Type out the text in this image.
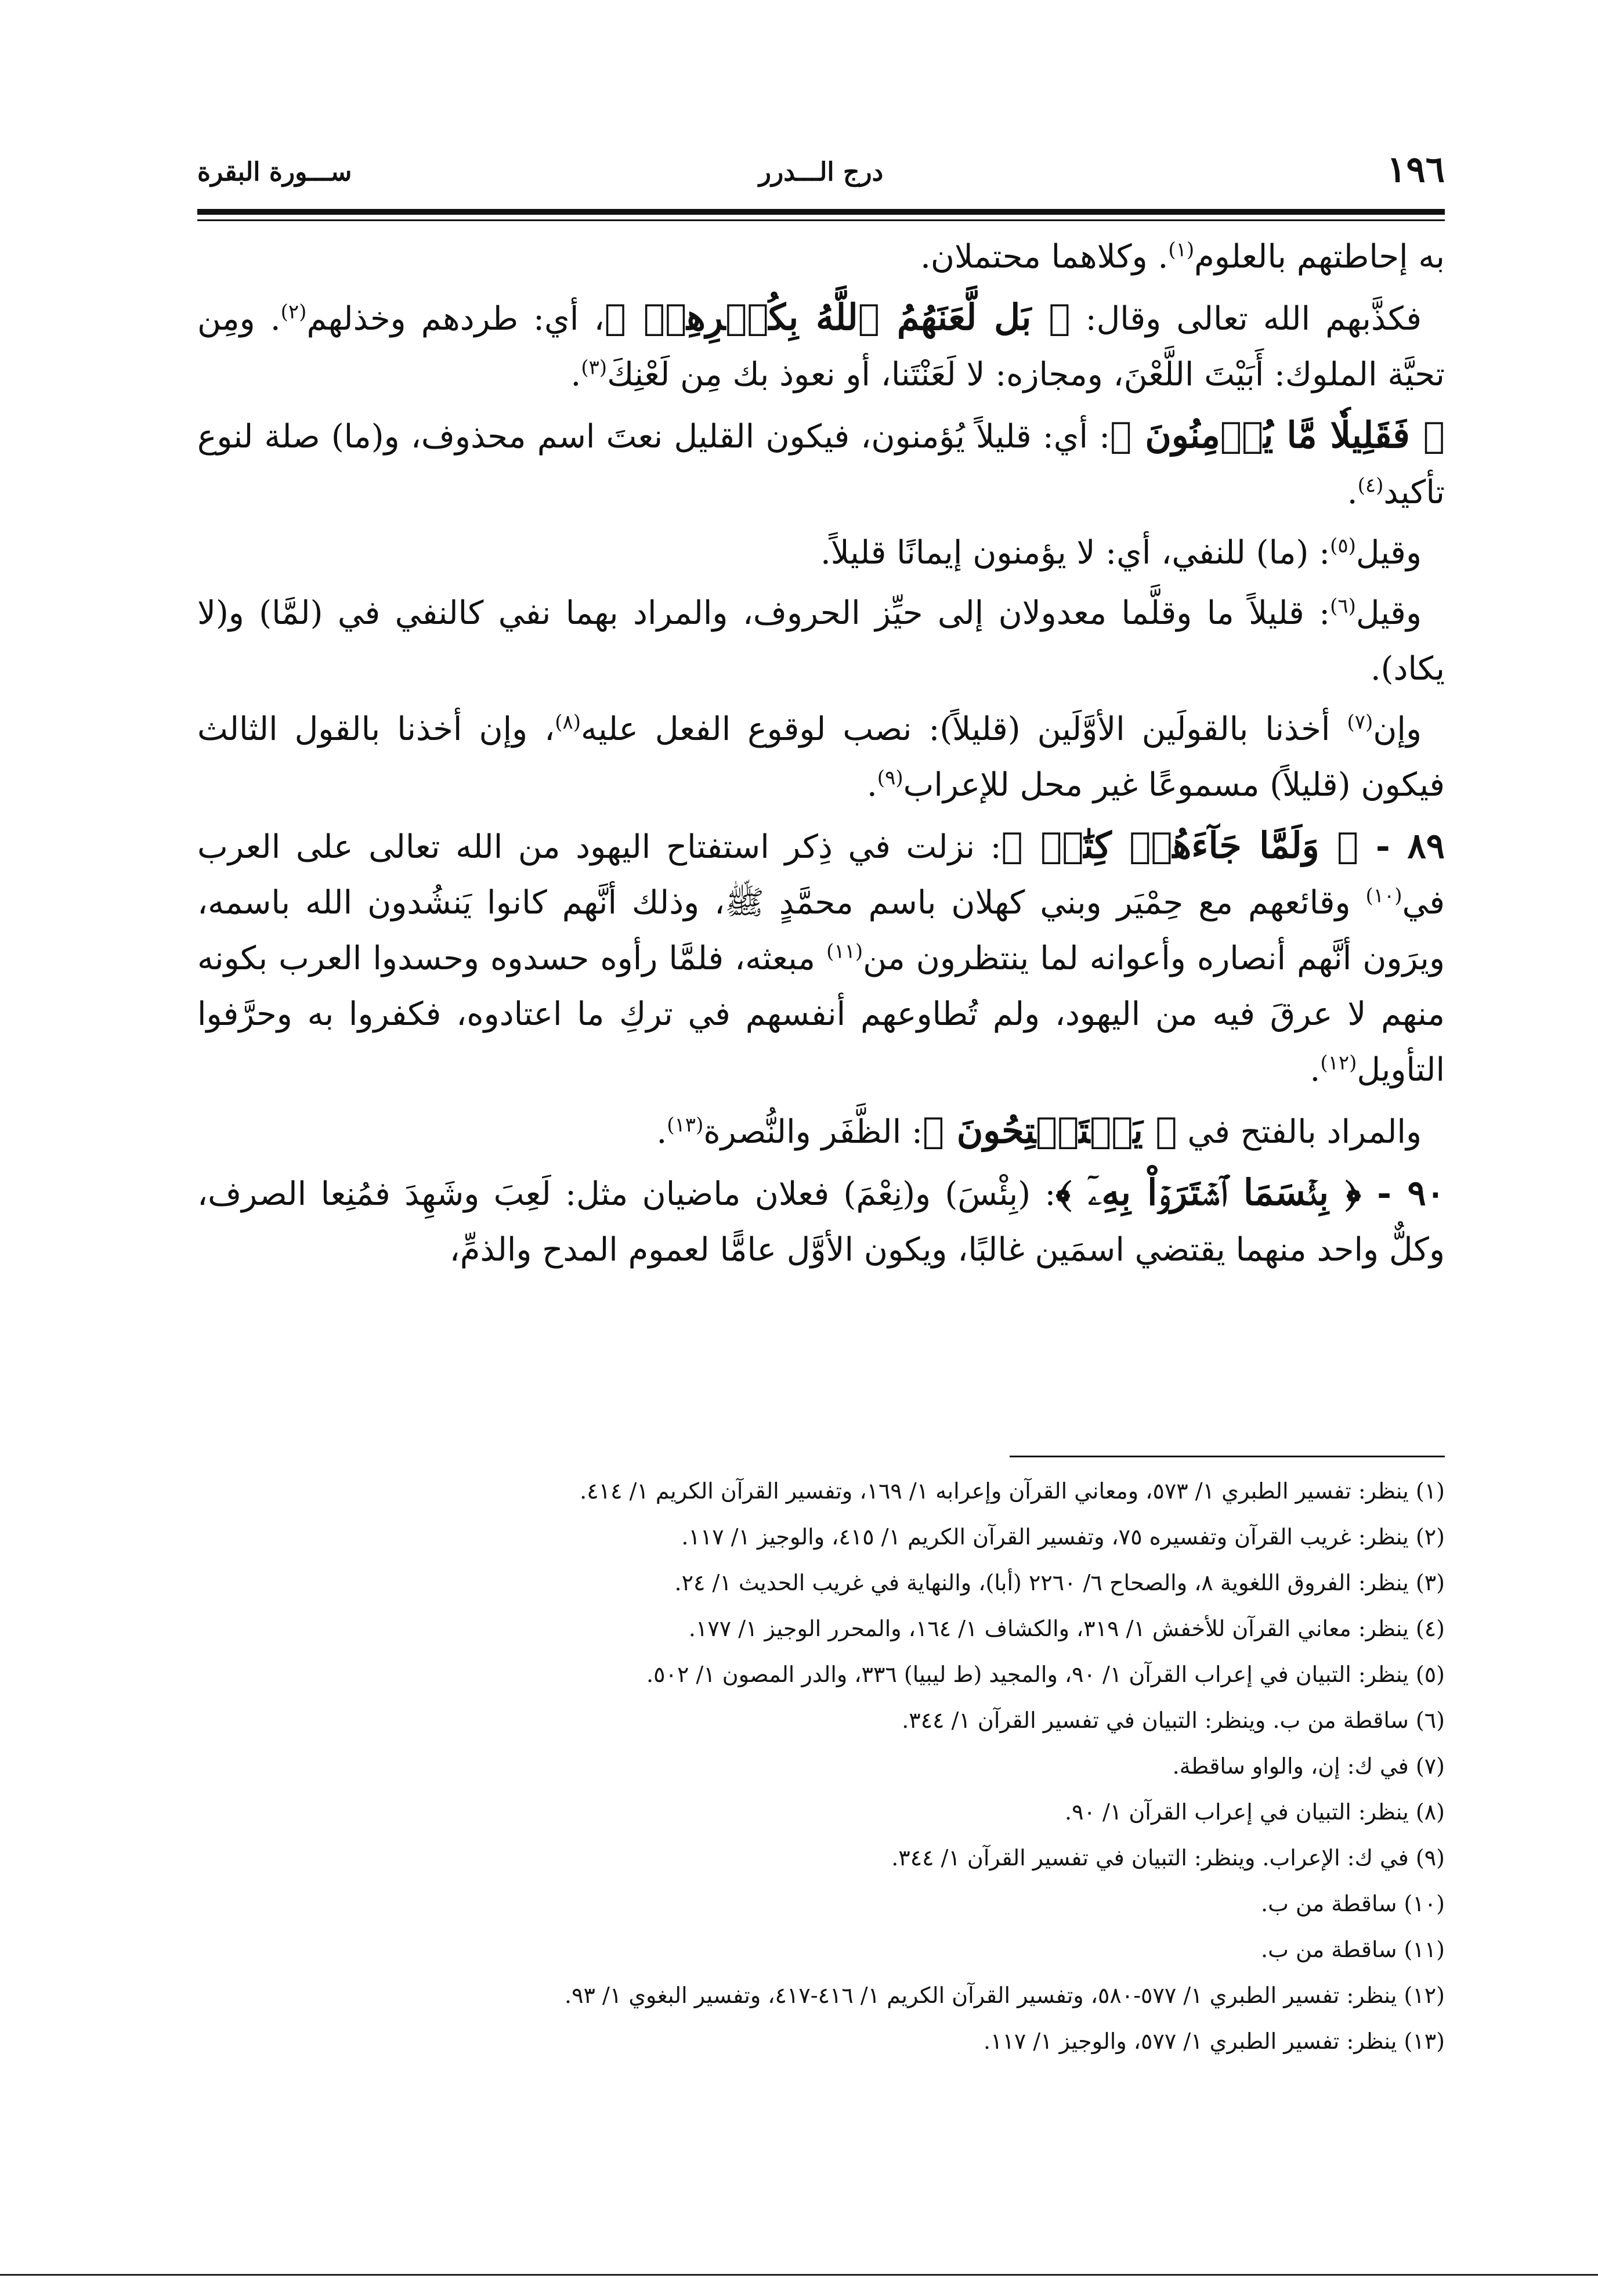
١٩٦
درج الـــدرر
ســـورة البقرة

به إحاطتهم بالعلوم$^{(١)}$. وكلاهما محتملان.

فكذَّبهم الله تعالى وقال: ﴿ بَل لَّعَنَهُمُ ٱللَّهُ بِكُفۡرِهِمۡ ﴾، أي: طردهم وخذلهم$^{(٢)}$. ومِن تحيَّة الملوك: أَبَيْتَ اللَّعْنَ، ومجازه: لا لَعَنْتَنا، أو نعوذ بك مِن لَعْنِكَ$^{(٣)}$.

﴿ فَقَلِيلٗا مَّا يُؤۡمِنُونَ ﴾: أي: قليلاً يُؤمنون، فيكون القليل نعتَ اسم محذوف، و(ما) صلة لنوع تأكيد$^{(٤)}$.

وقيل$^{(٥)}$: (ما) للنفي، أي: لا يؤمنون إيمانًا قليلاً.

وقيل$^{(٦)}$: قليلاً ما وقلَّما معدولان إلى حيِّز الحروف، والمراد بهما نفي كالنفي في (لمَّا) و(لا يكاد).

وإن$^{(٧)}$ أخذنا بالقولَين الأوَّلَين (قليلاً): نصب لوقوع الفعل عليه$^{(٨)}$، وإن أخذنا بالقول الثالث فيكون (قليلاً) مسموعًا غير محل للإعراب$^{(٩)}$.

٨٩ - ﴿ وَلَمَّا جَآءَهُمۡ كِتَٰبٞ ﴾: نزلت في ذِكر استفتاح اليهود من الله تعالى على العرب في$^{(١٠)}$ وقائعهم مع حِمْيَر وبني كهلان باسم محمَّدٍ ﷺ، وذلك أنَّهم كانوا يَنشُدون الله باسمه، ويرَون أنَّهم أنصاره وأعوانه لما ينتظرون من$^{(١١)}$ مبعثه، فلمَّا رأوه حسدوه وحسدوا العرب بكونه منهم لا عرقَ فيه من اليهود، ولم تُطاوعهم أنفسهم في تركِ ما اعتادوه، فكفروا به وحرَّفوا التأويل$^{(١٢)}$.

والمراد بالفتح في ﴿ يَسۡتَفۡتِحُونَ ﴾: الظَّفَر والنُّصرة$^{(١٣)}$.

٩٠ - ﴿ بِئۡسَمَا ٱشۡتَرَوۡاْ بِهِۦٓ ﴾: (بِئْسَ) و(نِعْمَ) فعلان ماضيان مثل: لَعِبَ وشَهِدَ فمُنِعا الصرف، وكلٌّ واحد منهما يقتضي اسمَين غالبًا، ويكون الأوَّل عامًّا لعموم المدح والذمِّ،

(١) ينظر: تفسير الطبري ١/ ٥٧٣، ومعاني القرآن وإعرابه ١/ ١٦٩، وتفسير القرآن الكريم ١/ ٤١٤.
(٢) ينظر: غريب القرآن وتفسيره ٧٥، وتفسير القرآن الكريم ١/ ٤١٥، والوجيز ١/ ١١٧.
(٣) ينظر: الفروق اللغوية ٨، والصحاح ٦/ ٢٢٦٠ (أبا)، والنهاية في غريب الحديث ١/ ٢٤.
(٤) ينظر: معاني القرآن للأخفش ١/ ٣١٩، والكشاف ١/ ١٦٤، والمحرر الوجيز ١/ ١٧٧.
(٥) ينظر: التبيان في إعراب القرآن ١/ ٩٠، والمجيد (ط ليبيا) ٣٣٦، والدر المصون ١/ ٥٠٢.
(٦) ساقطة من ب. وينظر: التبيان في تفسير القرآن ١/ ٣٤٤.
(٧) في ك: إن، والواو ساقطة.
(٨) ينظر: التبيان في إعراب القرآن ١/ ٩٠.
(٩) في ك: الإعراب. وينظر: التبيان في تفسير القرآن ١/ ٣٤٤.
(١٠) ساقطة من ب.
(١١) ساقطة من ب.
(١٢) ينظر: تفسير الطبري ١/ ٥٧٧-٥٨٠، وتفسير القرآن الكريم ١/ ٤١٦-٤١٧، وتفسير البغوي ١/ ٩٣.
(١٣) ينظر: تفسير الطبري ١/ ٥٧٧، والوجيز ١/ ١١٧.
